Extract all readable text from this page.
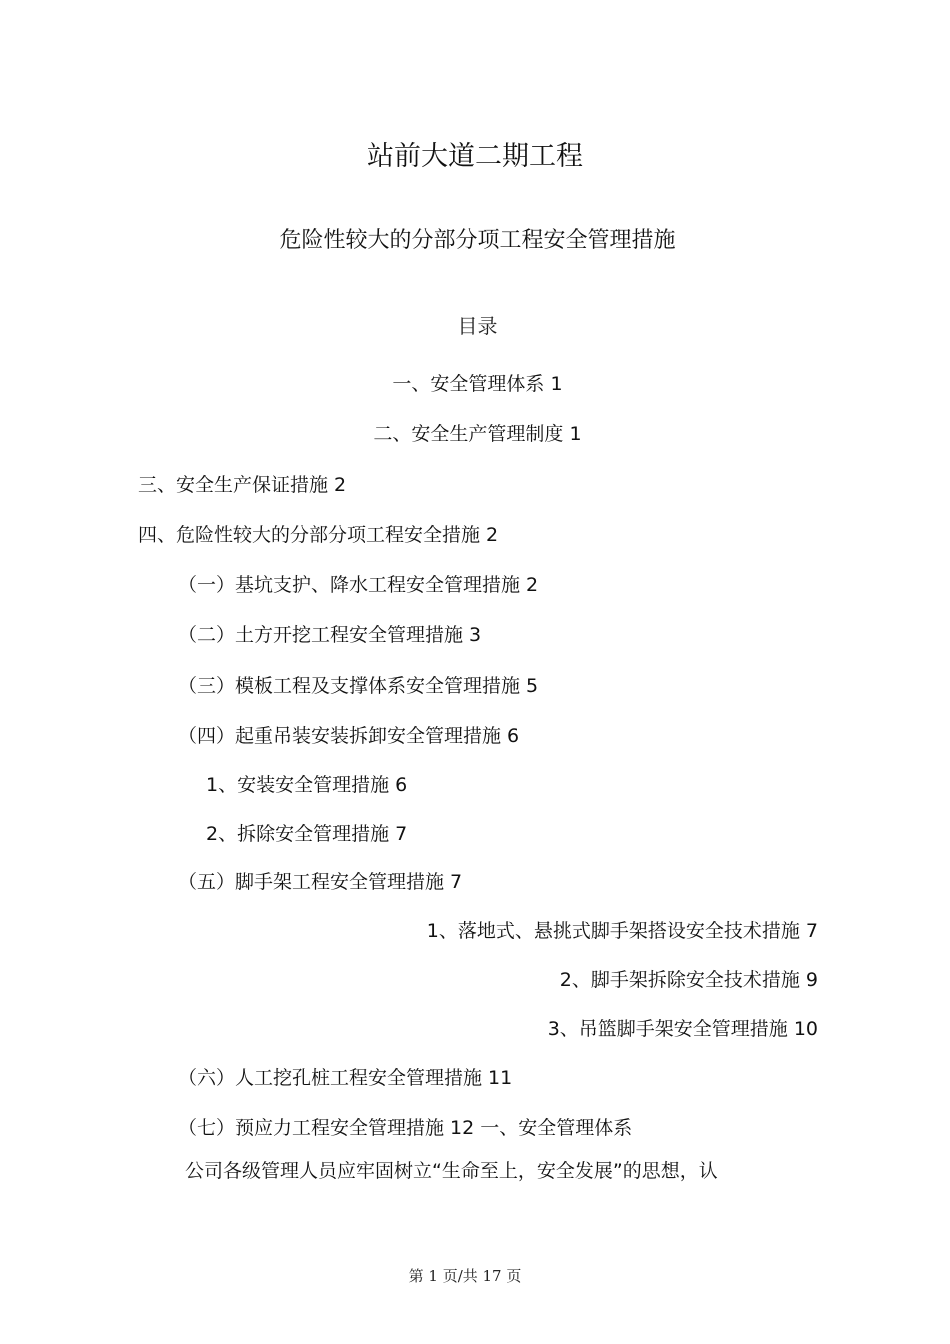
站前大道二期工程
危险性较大的分部分项工程安全管理措施
目录
一、安全管理体系 1
二、安全生产管理制度 1
三、安全生产保证措施 2
四、危险性较大的分部分项工程安全措施 2
（一）基坑支护、降水工程安全管理措施 2
（二）土方开挖工程安全管理措施 3
（三）模板工程及支撑体系安全管理措施 5
（四）起重吊装安装拆卸安全管理措施 6
1、安装安全管理措施 6
2、拆除安全管理措施 7
（五）脚手架工程安全管理措施 7
1、落地式、悬挑式脚手架搭设安全技术措施 7
2、脚手架拆除安全技术措施 9
3、吊篮脚手架安全管理措施 10
（六）人工挖孔桩工程安全管理措施 11
（七）预应力工程安全管理措施 12 一、安全管理体系
公司各级管理人员应牢固树立“生命至上，安全发展”的思想，认
第 1 页/共 17 页
